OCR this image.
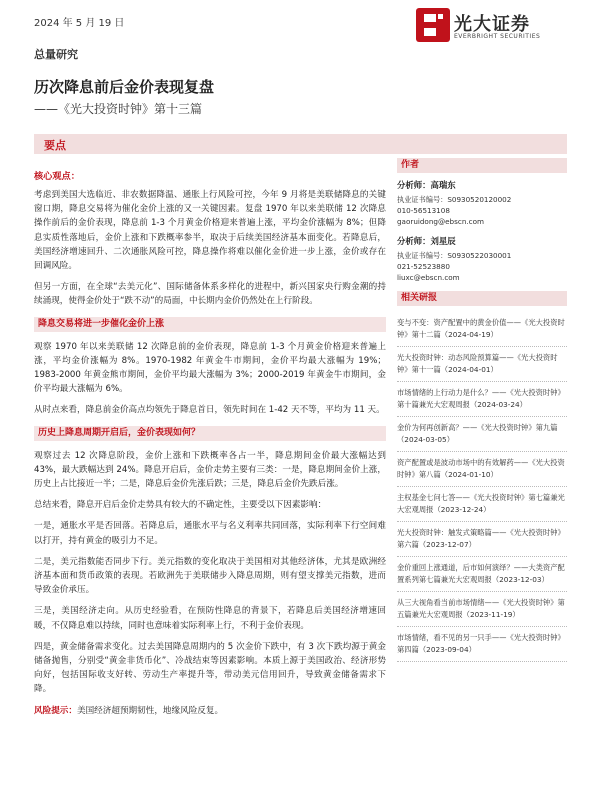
2024 年 5 月 19 日	光大证券
EVERBRIGHT SECURITIES
总量研究
历次降息前后金价表现复盘
——《光大投资时钟》第十三篇
要点
核心观点：

考虑到美国大选临近、非农数据降温、通胀上行风险可控，今年 9 月将是美联储降息的关键窗口期，降息交易将为催化金价上涨的又一关键因素。复盘 1970 年以来美联储 12 次降息操作前后的金价表现，降息前 1-3 个月黄金价格迎来普遍上涨，平均金价涨幅为 8%；但降息实质性落地后，金价上涨和下跌概率参半，取决于后续美国经济基本面变化。若降息后，美国经济增速回升、二次通胀风险可控，降息操作将难以催化金价进一步上涨，金价或存在回调风险。

但另一方面，在全球“去美元化”、国际储备体系多样化的进程中，新兴国家央行购金潮的持续涌现，使得金价处于“跌不动”的局面，中长期内金价仍然处在上行阶段。

降息交易将进一步催化金价上涨

观察 1970 年以来美联储 12 次降息前的金价表现，降息前 1-3 个月黄金价格迎来普遍上涨，平均金价涨幅为 8%。1970-1982 年黄金牛市期间，金价平均最大涨幅为 19%；1983-2000 年黄金熊市期间，金价平均最大涨幅为 3%；2000-2019 年黄金牛市期间，金价平均最大涨幅为 6%。

从时点来看，降息前金价高点均领先于降息首日，领先时间在 1-42 天不等，平均为 11 天。

历史上降息周期开启后，金价表现如何？

观察过去 12 次降息阶段，金价上涨和下跌概率各占一半，降息期间金价最大涨幅达到 43%，最大跌幅达到 24%。降息开启后，金价走势主要有三类：一是，降息期间金价上涨，历史上占比接近一半；二是，降息后金价先涨后跌；三是，降息后金价先跌后涨。

总结来看，降息开启后金价走势具有较大的不确定性，主要受以下因素影响：

一是，通胀水平是否回落。若降息后，通胀水平与名义利率共同回落，实际利率下行空间难以打开，持有黄金的吸引力不足。

二是，美元指数能否同步下行。美元指数的变化取决于美国相对其他经济体，尤其是欧洲经济基本面和货币政策的表现。若欧洲先于美联储步入降息周期，则有望支撑美元指数，进而导致金价承压。

三是，美国经济走向。从历史经验看，在预防性降息的背景下，若降息后美国经济增速回暖，不仅降息难以持续，同时也意味着实际利率上行，不利于金价表现。

四是，黄金储备需求变化。过去美国降息周期内的 5 次金价下跌中，有 3 次下跌均源于黄金储备抛售，分别受“黄金非货币化”、冷战结束等因素影响。本质上源于美国政治、经济形势向好，包括国际收支好转、劳动生产率提升等，带动美元信用回升，导致黄金储备需求下降。

风险提示：美国经济超预期韧性，地缘风险反复。
作者
分析师：高瑞东
执业证书编号：S0930520120002
010-56513108
gaoruidong@ebscn.com
分析师：刘星辰
执业证书编号：S0930522030001
021-52523880
liuxc@ebscn.com
相关研报
变与不变：资产配置中的黄金价值——《光大投资时钟》第十二篇（2024-04-19）
光大投资时钟：动态风险预算篇——《光大投资时钟》第十一篇（2024-04-01）
市场情绪的上行动力是什么？——《光大投资时钟》第十篇兼光大宏观周报（2024-03-24）
金价为何再创新高？——《光大投资时钟》第九篇（2024-03-05）
资产配置或是波动市场中的有效解药——《光大投资时钟》第八篇（2024-01-10）
主权基金七问七答——《光大投资时钟》第七篇兼光大宏观周报（2023-12-24）
光大投资时钟：触发式策略篇——《光大投资时钟》第六篇（2023-12-07）
金价重回上涨通道，后市如何演绎？——大类资产配置系列第七篇兼光大宏观周报（2023-12-03）
从三大视角看当前市场情绪——《光大投资时钟》第五篇兼光大宏观周报（2023-11-19）
市场情绪，看不见的另一只手——《光大投资时钟》第四篇（2023-09-04）
